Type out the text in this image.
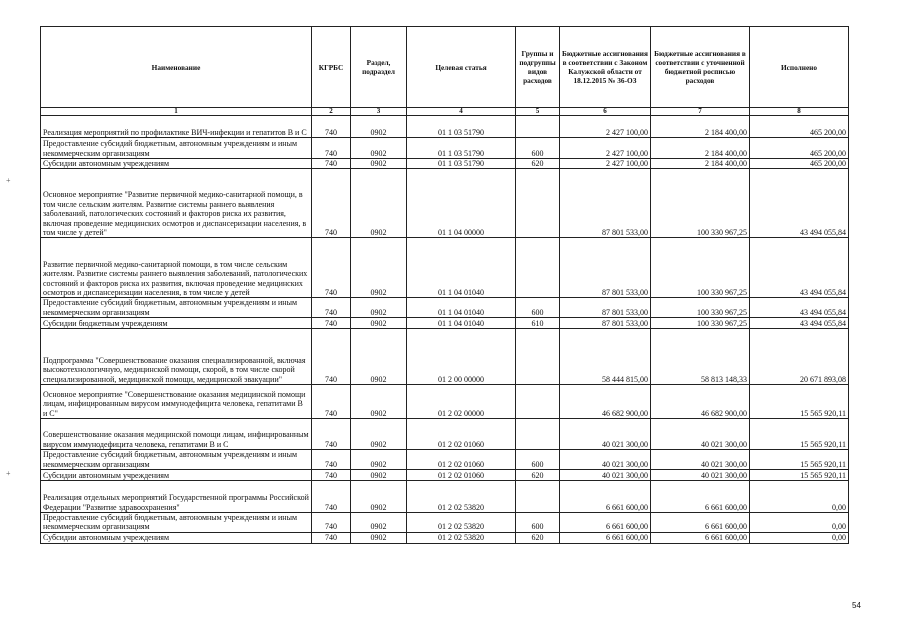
Наименование	КГРБС	Раздел, подраздел	Целевая статья	Группы и подгруппы видов расходов	Бюджетные ассигнования в соответствии с Законом Калужской области от 18.12.2015 № 36-ОЗ	Бюджетные ассигнования в соответствии с уточненной бюджетной росписью расходов	Исполнено
1	2	3	4	5	6	7	8
Реализация мероприятий по профилактике ВИЧ-инфекции и гепатитов В и С	740	0902	01 1 03 51790		2 427 100,00	2 184 400,00	465 200,00
Предоставление субсидий бюджетным, автономным учреждениям и иным некоммерческим организациям	740	0902	01 1 03 51790	600	2 427 100,00	2 184 400,00	465 200,00
Субсидии автономным учреждениям	740	0902	01 1 03 51790	620	2 427 100,00	2 184 400,00	465 200,00
Основное мероприятие "Развитие первичной медико-санитарной помощи, в том числе сельским жителям. Развитие системы раннего выявления заболеваний, патологических состояний и факторов риска их развития, включая проведение медицинских осмотров и диспансеризации населения, в том числе у детей"	740	0902	01 1 04 00000		87 801 533,00	100 330 967,25	43 494 055,84
Развитие первичной медико-санитарной помощи, в том числе сельским жителям. Развитие системы раннего выявления заболеваний, патологических состояний и факторов риска их развития, включая проведение медицинских осмотров и диспансеризации населения, в том числе у детей	740	0902	01 1 04 01040		87 801 533,00	100 330 967,25	43 494 055,84
Предоставление субсидий бюджетным, автономным учреждениям и иным некоммерческим организациям	740	0902	01 1 04 01040	600	87 801 533,00	100 330 967,25	43 494 055,84
Субсидии бюджетным учреждениям	740	0902	01 1 04 01040	610	87 801 533,00	100 330 967,25	43 494 055,84
Подпрограмма "Совершенствование оказания специализированной, включая высокотехнологичную, медицинской помощи, скорой, в том числе скорой специализированной, медицинской помощи, медицинской эвакуации"	740	0902	01 2 00 00000		58 444 815,00	58 813 148,33	20 671 893,08
Основное мероприятие "Совершенствование оказания медицинской помощи лицам, инфицированным вирусом иммунодефицита человека, гепатитами В и С"	740	0902	01 2 02 00000		46 682 900,00	46 682 900,00	15 565 920,11
Совершенствование оказания медицинской помощи лицам, инфицированным вирусом иммунодефицита человека, гепатитами В и С	740	0902	01 2 02 01060		40 021 300,00	40 021 300,00	15 565 920,11
Предоставление субсидий бюджетным, автономным учреждениям и иным некоммерческим организациям	740	0902	01 2 02 01060	600	40 021 300,00	40 021 300,00	15 565 920,11
Субсидии автономным учреждениям	740	0902	01 2 02 01060	620	40 021 300,00	40 021 300,00	15 565 920,11
Реализация отдельных мероприятий Государственной программы Российской Федерации "Развитие здравоохранения"	740	0902	01 2 02 53820		6 661 600,00	6 661 600,00	0,00
Предоставление субсидий бюджетным, автономным учреждениям и иным некоммерческим организациям	740	0902	01 2 02 53820	600	6 661 600,00	6 661 600,00	0,00
Субсидии автономным учреждениям	740	0902	01 2 02 53820	620	6 661 600,00	6 661 600,00	0,00
+
+
54
